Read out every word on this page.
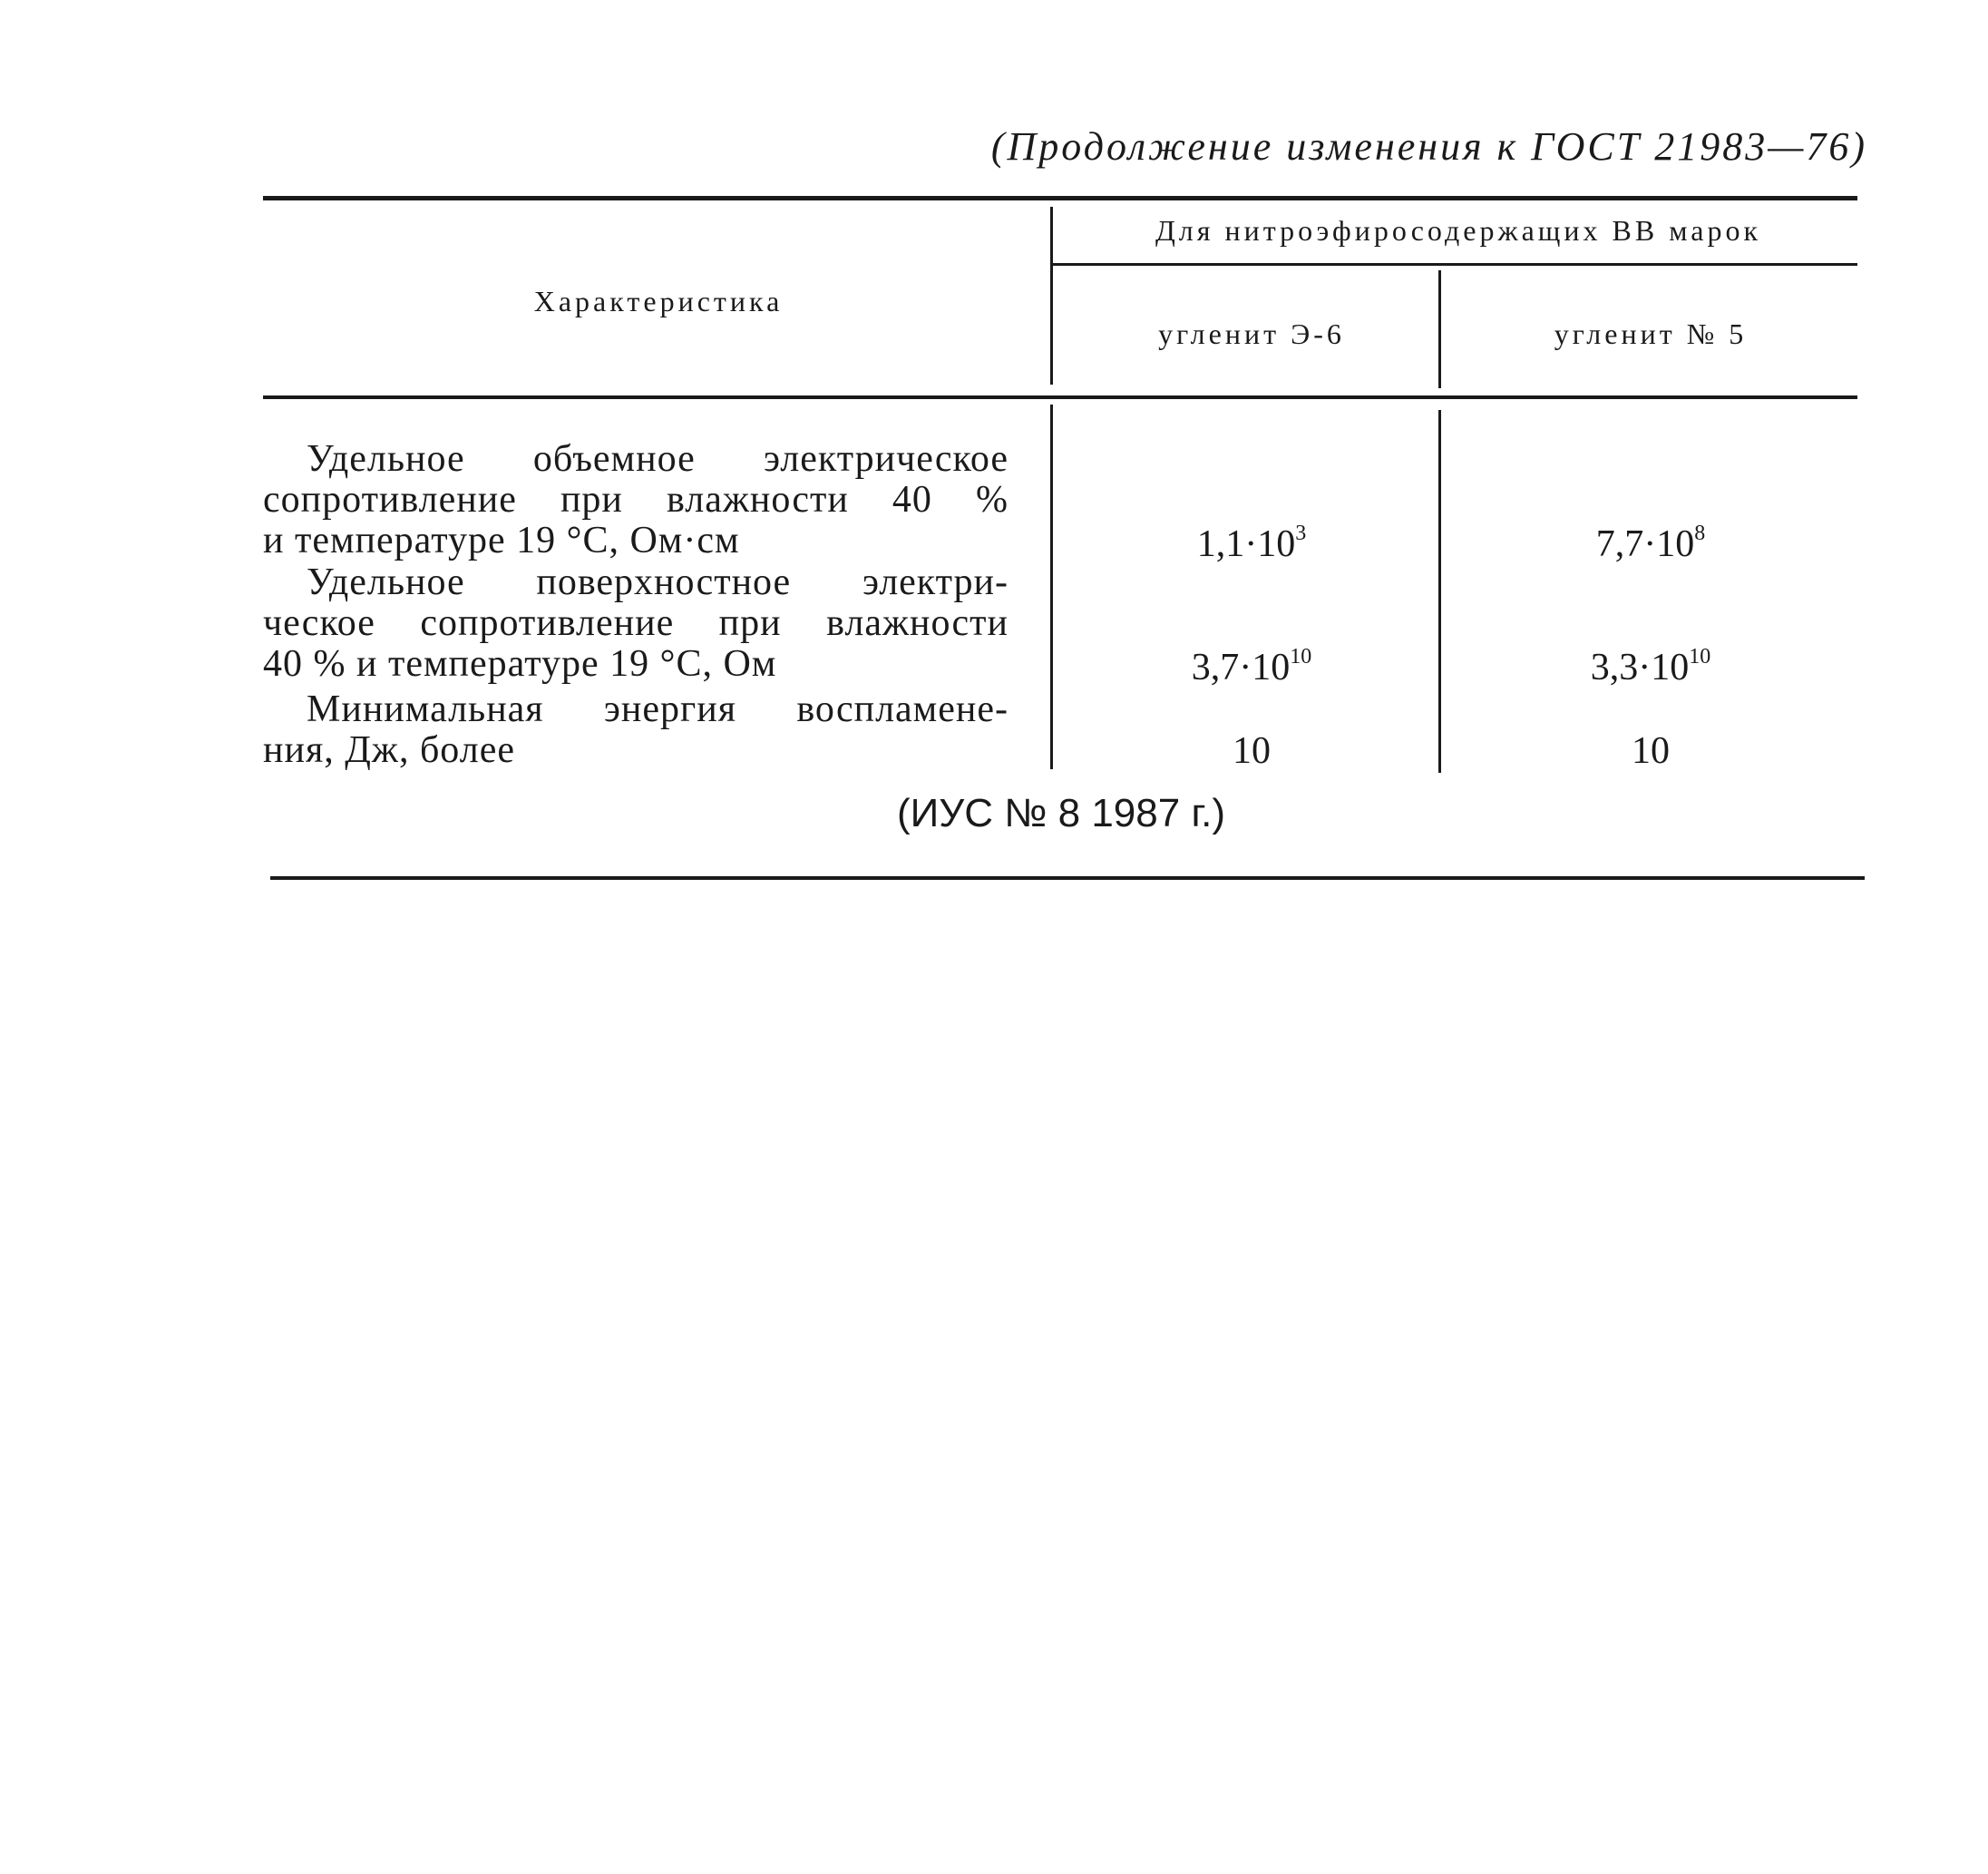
(Продолжение изменения к ГОСТ 21983—76)
Характеристика
Для нитроэфиросодержащих ВВ марок
угленит Э-6	угленит № 5
Удельное объемное электрическое
сопротивление при влажности 40 %
и температуре 19 °C, Ом·см	$1,1\cdot 10^3$	$7,7\cdot 10^8$
Удельное поверхностное электри-
ческое сопротивление при влажности
40 % и температуре 19 °C, Ом	$3,7\cdot 10^{10}$	$3,3\cdot 10^{10}$
Минимальная энергия воспламене-
ния, Дж, более	10	10
(ИУС № 8 1987 г.)
